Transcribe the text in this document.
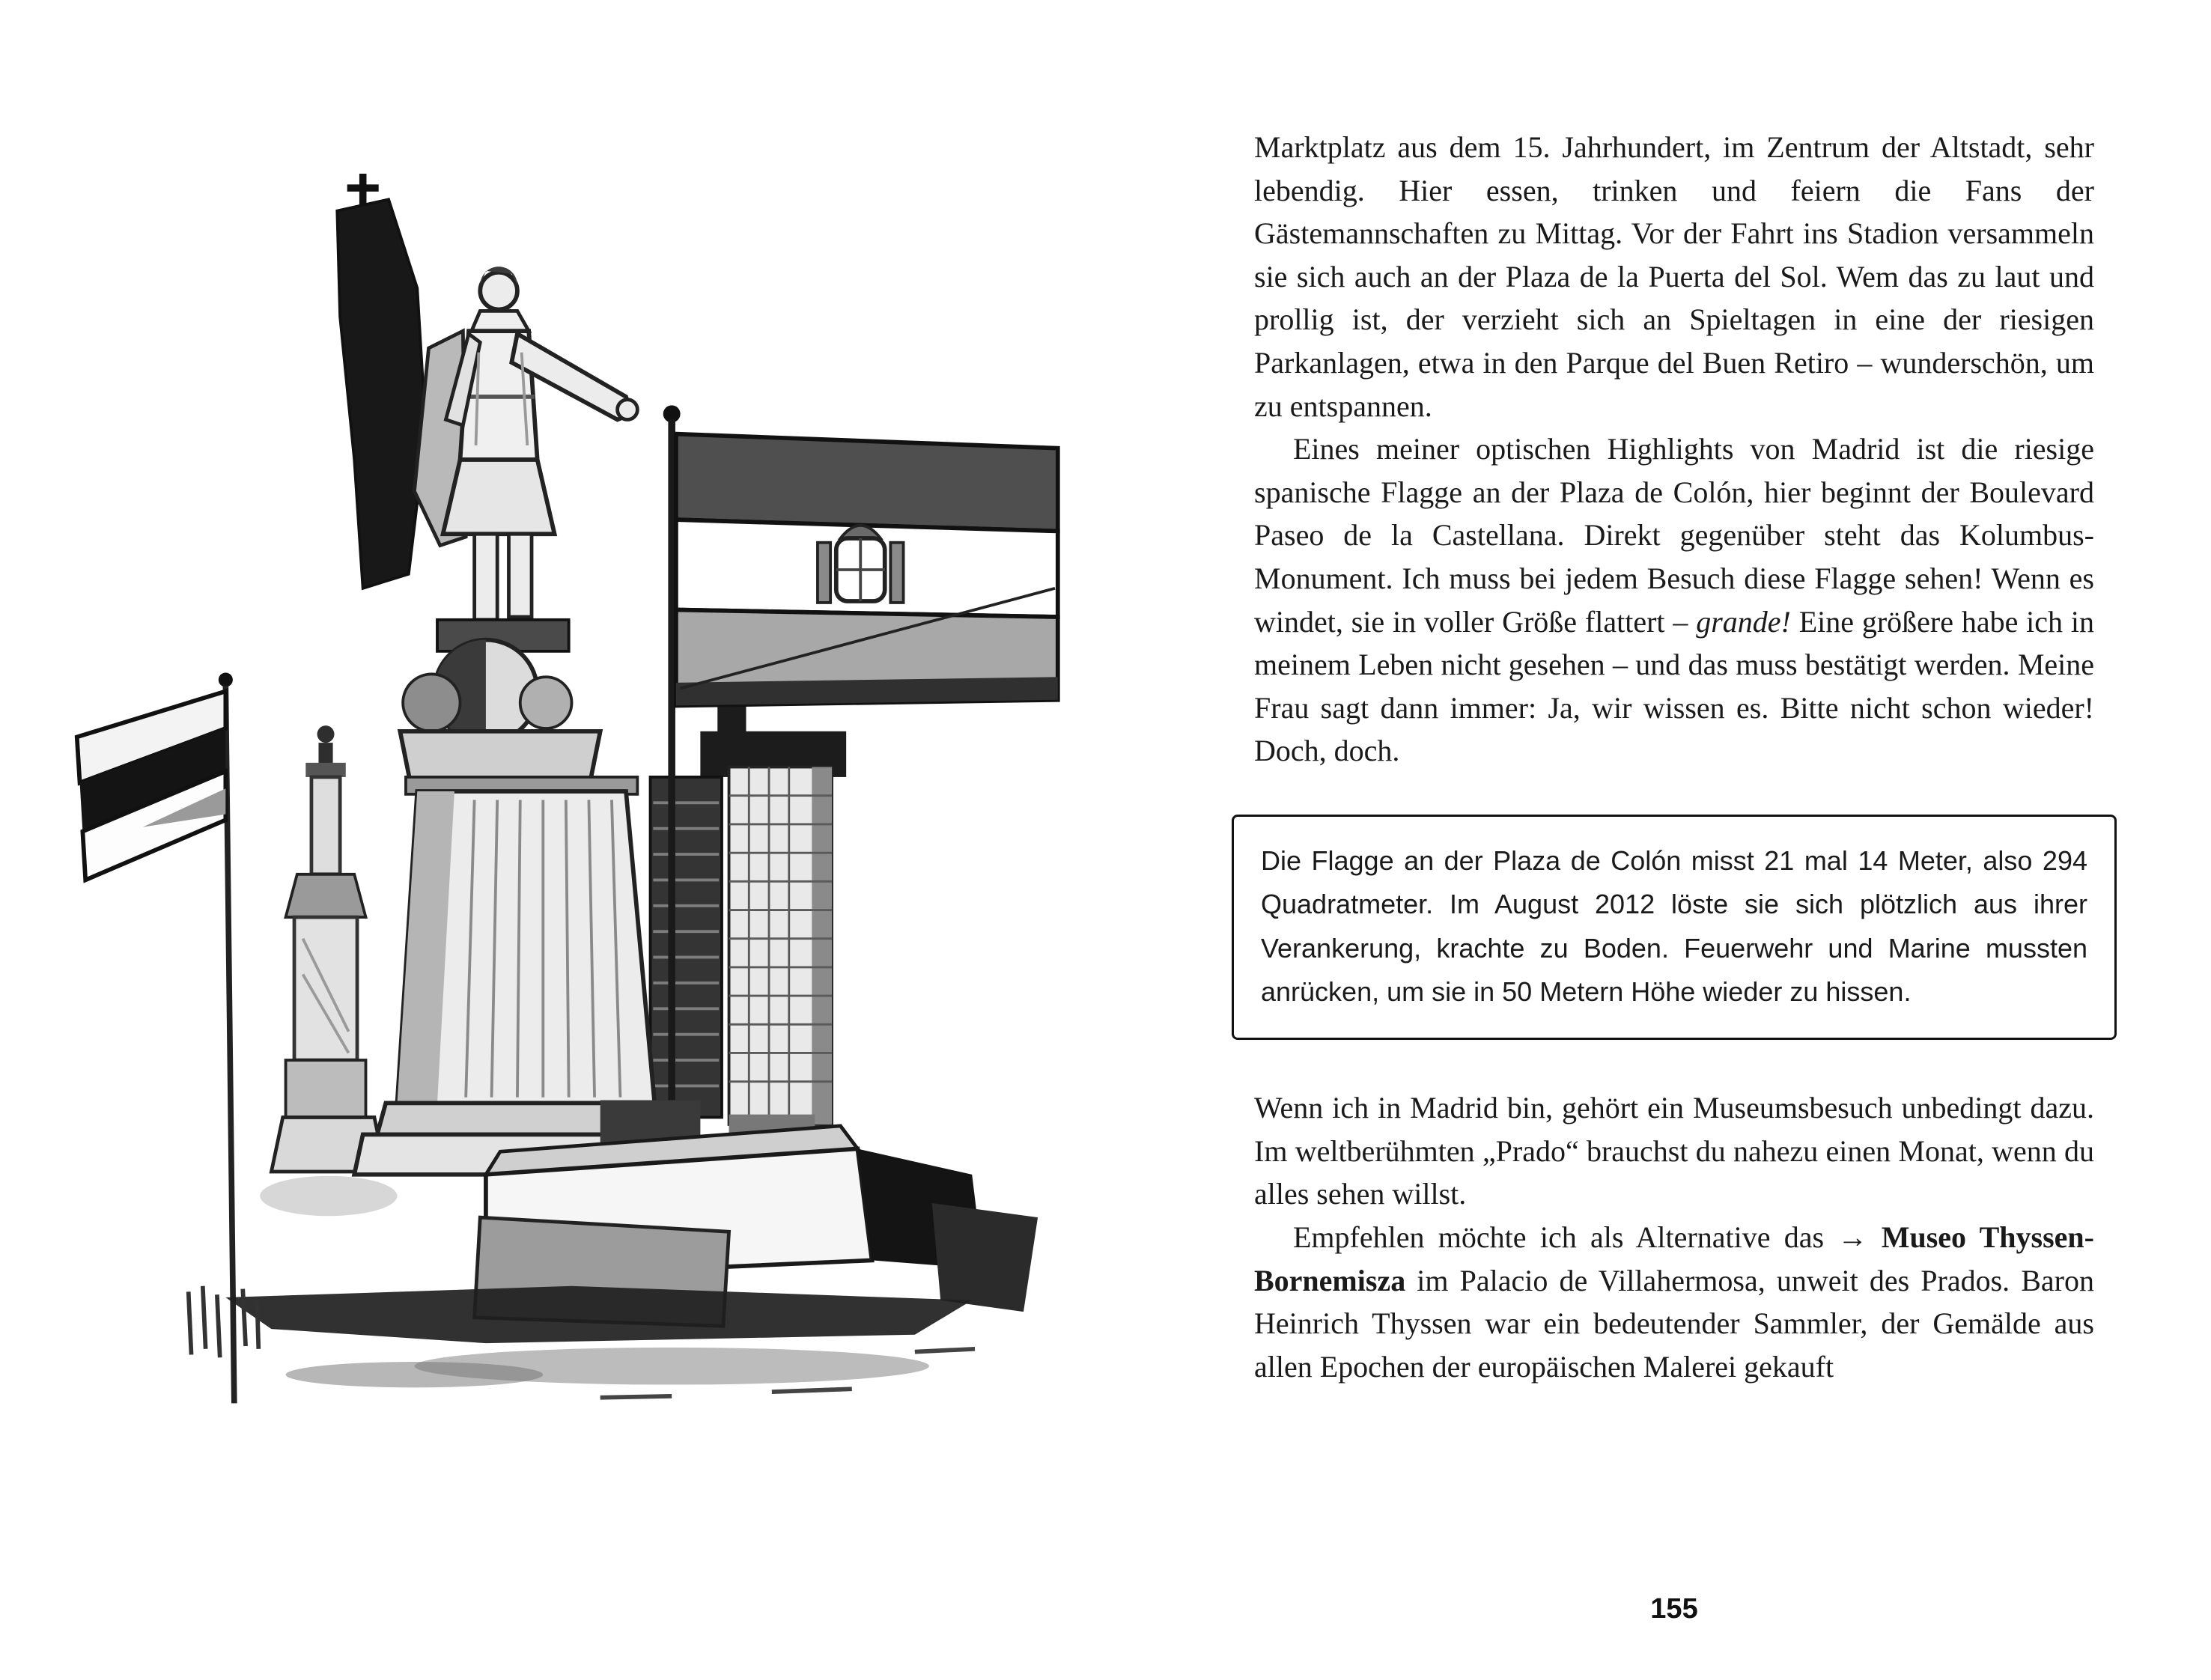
Marktplatz aus dem 15. Jahrhundert, im Zentrum der Altstadt, sehr lebendig. Hier essen, trinken und feiern die Fans der Gästemannschaften zu Mittag. Vor der Fahrt ins Stadion versammeln sie sich auch an der Plaza de la Puerta del Sol. Wem das zu laut und prollig ist, der verzieht sich an Spieltagen in eine der riesigen Parkanlagen, etwa in den Parque del Buen Retiro – wunderschön, um zu entspannen.

Eines meiner optischen Highlights von Madrid ist die riesige spanische Flagge an der Plaza de Colón, hier beginnt der Boulevard Paseo de la Castellana. Direkt gegenüber steht das Kolumbus-Monument. Ich muss bei jedem Besuch diese Flagge sehen! Wenn es windet, sie in voller Größe flattert – grande! Eine größere habe ich in meinem Leben nicht gesehen – und das muss bestätigt werden. Meine Frau sagt dann immer: Ja, wir wissen es. Bitte nicht schon wieder! Doch, doch.

Die Flagge an der Plaza de Colón misst 21 mal 14 Meter, also 294 Quadratmeter. Im August 2012 löste sie sich plötzlich aus ihrer Verankerung, krachte zu Boden. Feuerwehr und Marine mussten anrücken, um sie in 50 Metern Höhe wieder zu hissen.

Wenn ich in Madrid bin, gehört ein Museumsbesuch unbedingt dazu. Im weltberühmten „Prado“ brauchst du nahezu einen Monat, wenn du alles sehen willst.

Empfehlen möchte ich als Alternative das → Museo Thyssen-Bornemisza im Palacio de Villahermosa, unweit des Prados. Baron Heinrich Thyssen war ein bedeutender Sammler, der Gemälde aus allen Epochen der europäischen Malerei gekauft

155
